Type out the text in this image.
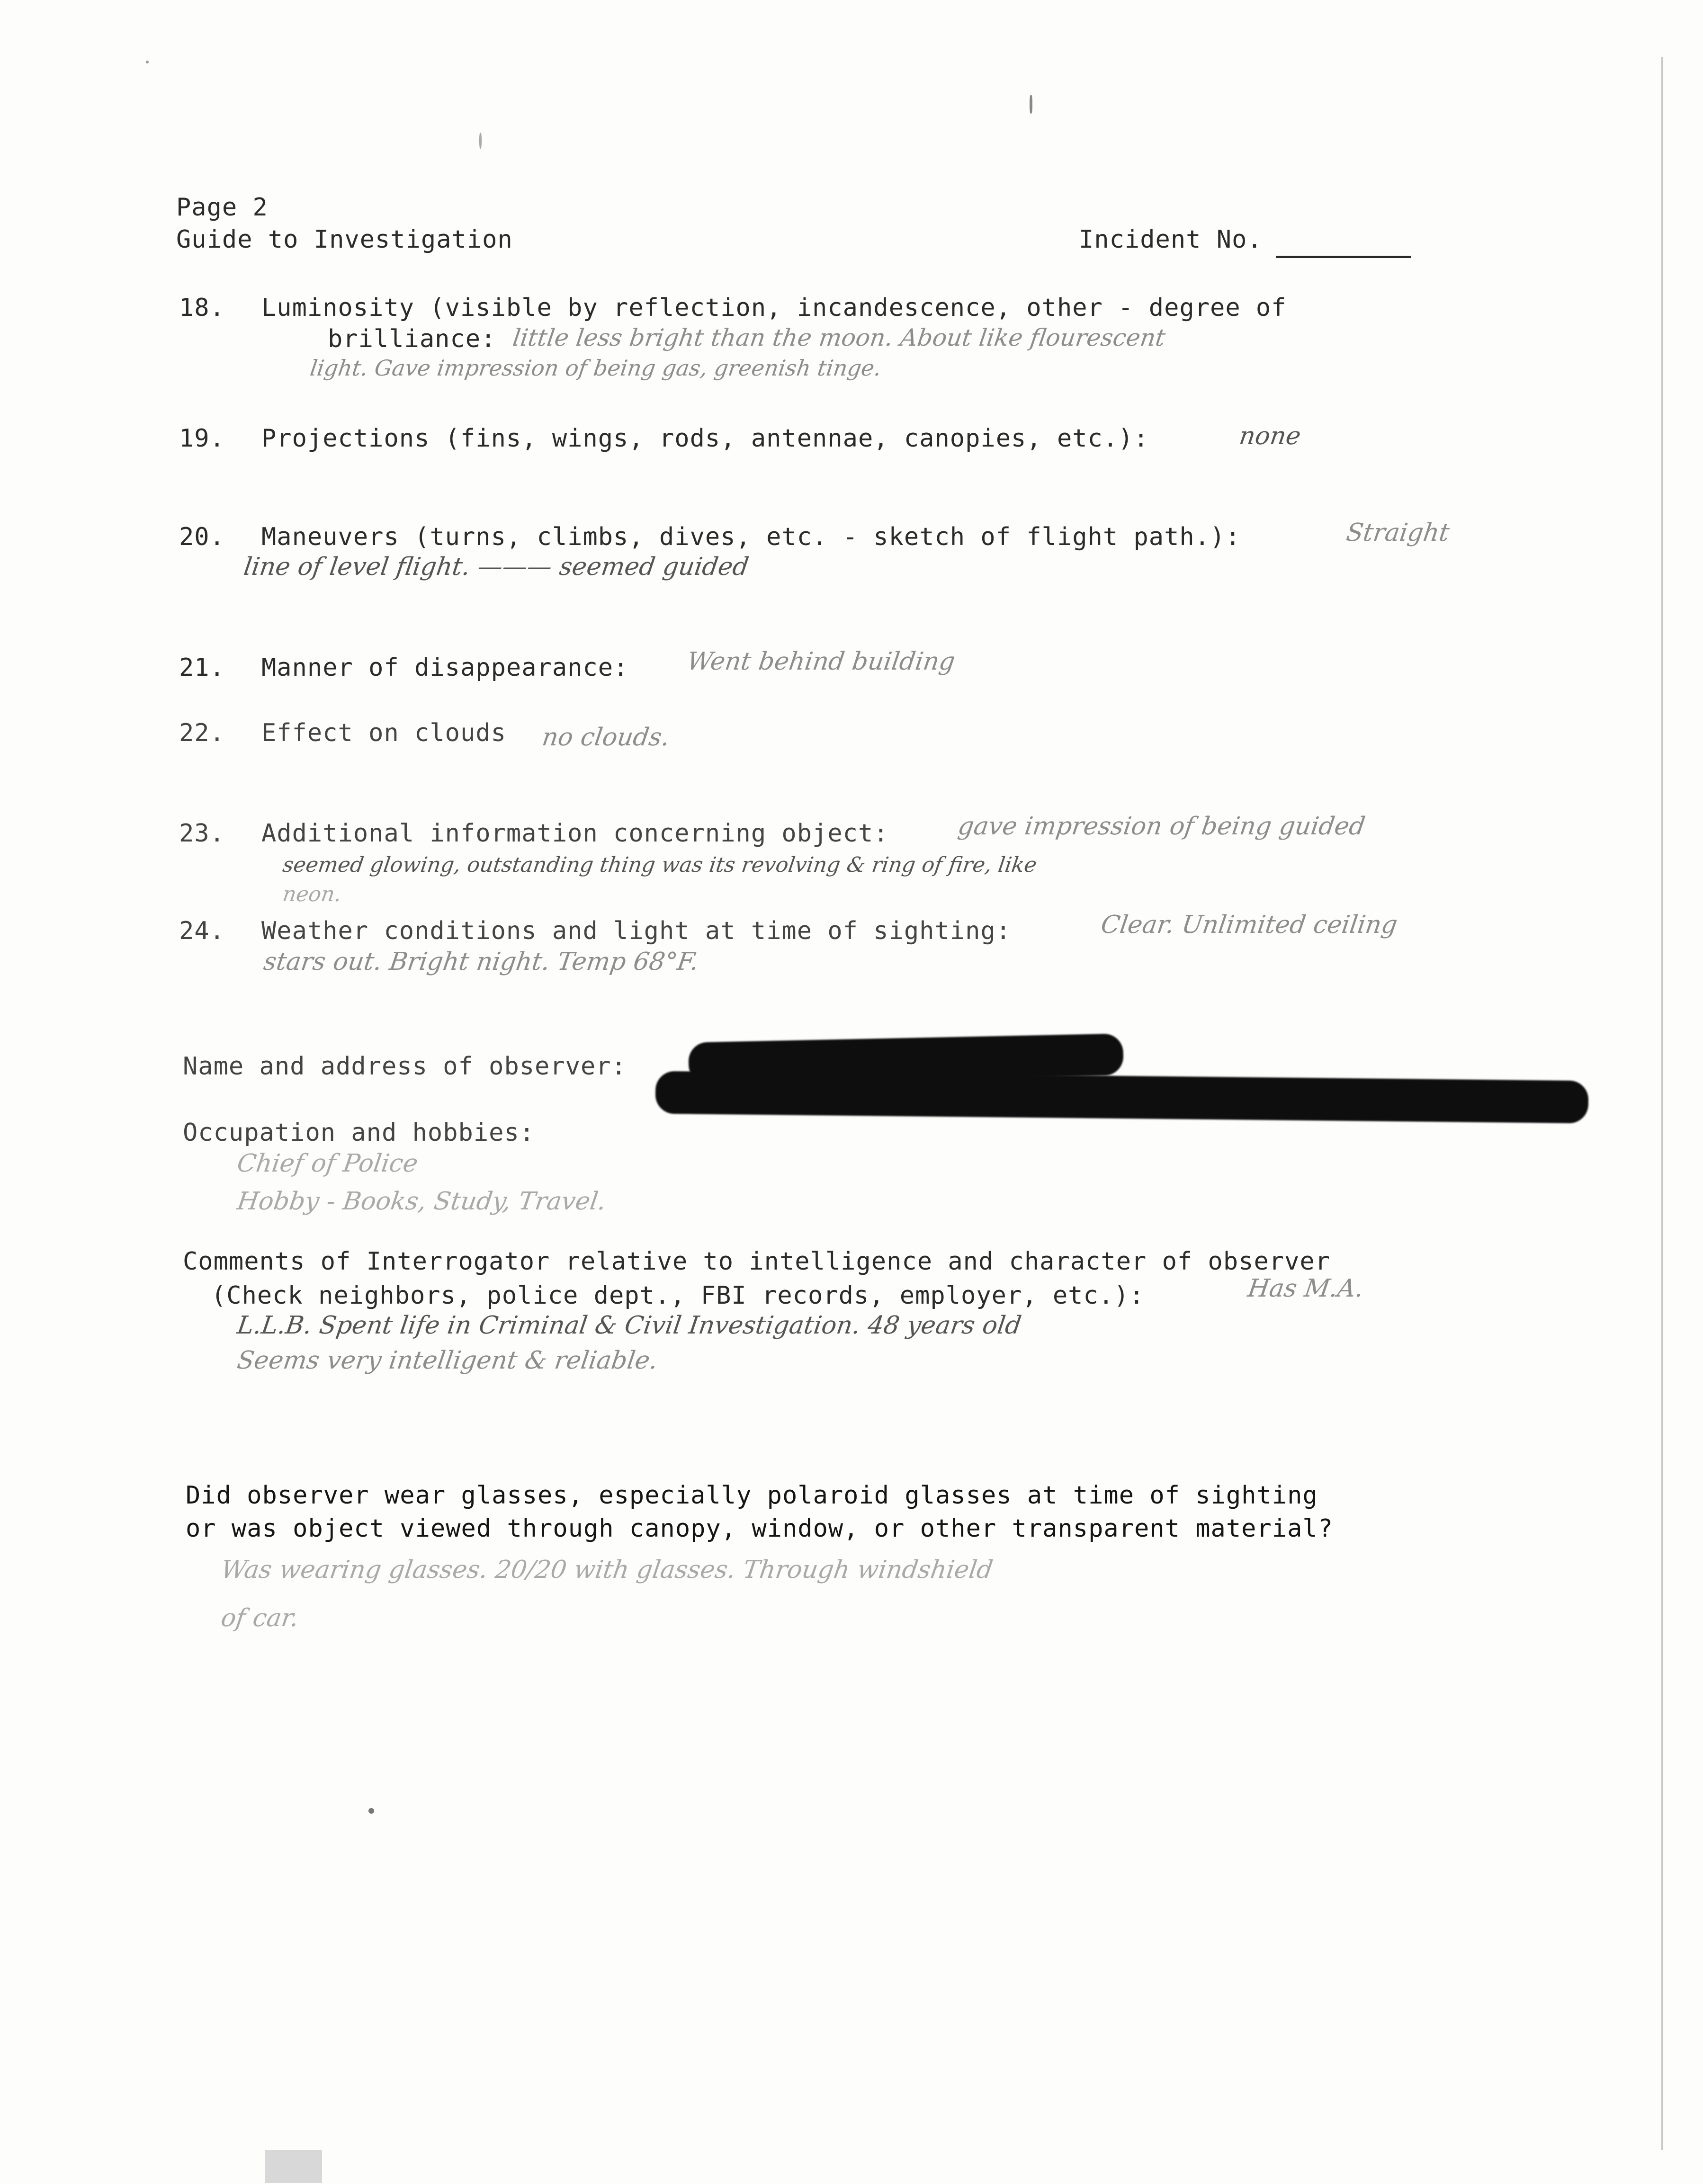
Page 2
Guide to Investigation	Incident No.
18. Luminosity (visible by reflection, incandescence, other - degree of
brilliance: little less bright than the moon. About like flourescent
light. Gave impression of being gas, greenish tinge.
19. Projections (fins, wings, rods, antennae, canopies, etc.):	none
20. Maneuvers (turns, climbs, dives, etc. - sketch of flight path.):	Straight
line of level flight. ——— seemed guided
21. Manner of disappearance: Went behind building
22. Effect on clouds no clouds.
23. Additional information concerning object:	gave impression of being guided
seemed glowing, outstanding thing was its revolving & ring of fire, like
neon.
24. Weather conditions and light at time of sighting:	Clear. Unlimited ceiling
stars out. Bright night. Temp 68°F.
Name and address of observer:
Occupation and hobbies:
Chief of Police
Hobby - Books, Study, Travel.
Comments of Interrogator relative to intelligence and character of observer
(Check neighbors, police dept., FBI records, employer, etc.):	Has M.A.
L.L.B. Spent life in Criminal & Civil Investigation. 48 years old
Seems very intelligent & reliable.
Did observer wear glasses, especially polaroid glasses at time of sighting
or was object viewed through canopy, window, or other transparent material?
Was wearing glasses. 20/20 with glasses. Through windshield
of car.
